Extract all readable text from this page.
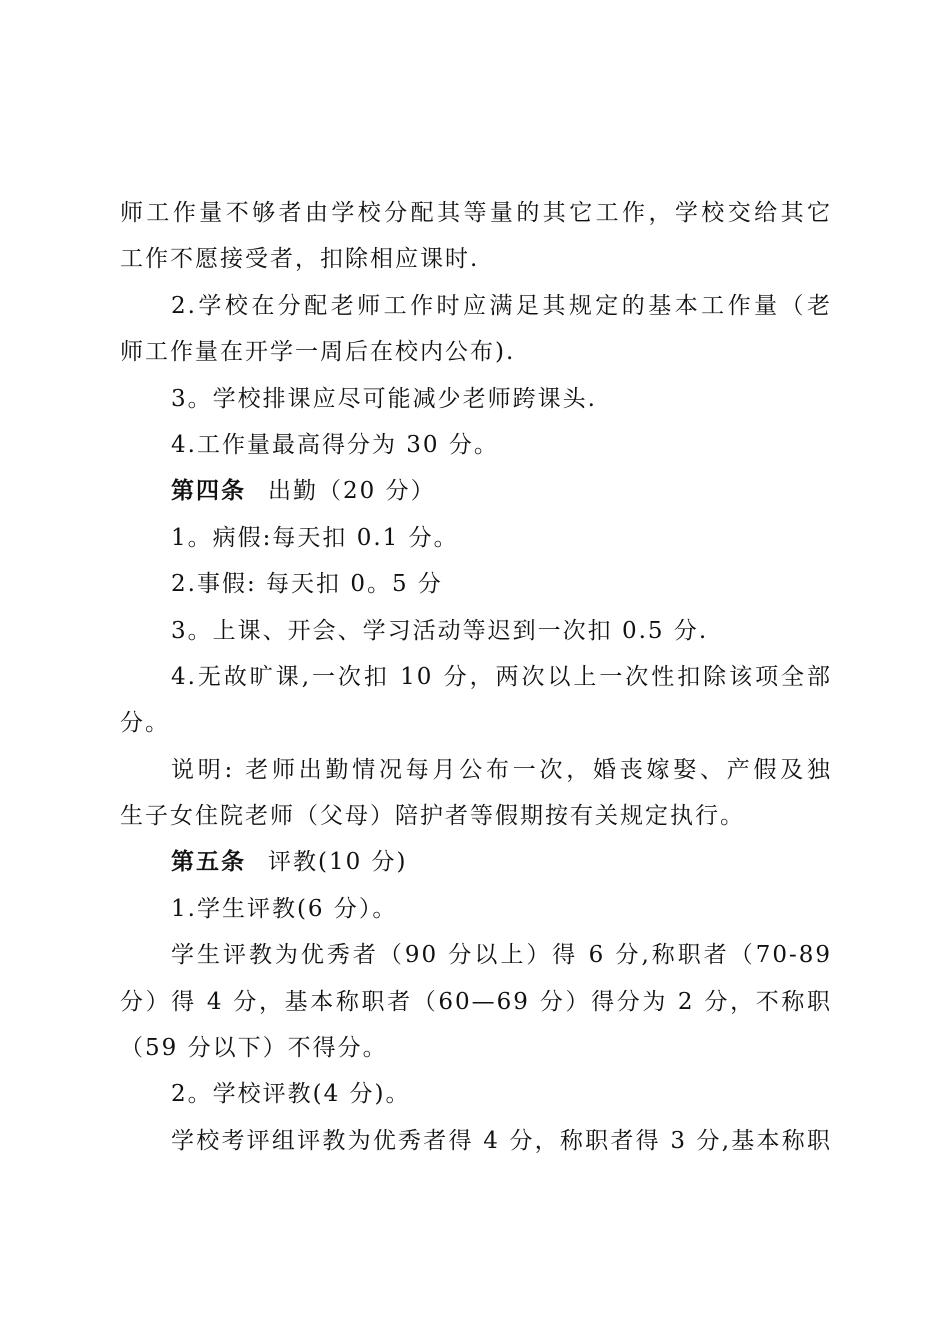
师工作量不够者由学校分配其等量的其它工作，学校交给其它
工作不愿接受者，扣除相应课时.
2.学校在分配老师工作时应满足其规定的基本工作量（老
师工作量在开学一周后在校内公布).
3。学校排课应尽可能减少老师跨课头.
4.工作量最高得分为 30 分。
第四条 出勤（20 分）
1。病假:每天扣 0.1 分。
2.事假: 每天扣 0。5 分
3。上课、开会、学习活动等迟到一次扣 0.5 分.
4.无故旷课,一次扣 10 分，两次以上一次性扣除该项全部
分。
说明: 老师出勤情况每月公布一次，婚丧嫁娶、产假及独
生子女住院老师（父母）陪护者等假期按有关规定执行。
第五条 评教(10 分)
1.学生评教(6 分）。
学生评教为优秀者（90 分以上）得 6 分,称职者（70-89
分）得 4 分，基本称职者（60—69 分）得分为 2 分，不称职
（59 分以下）不得分。
2。学校评教(4 分)。
学校考评组评教为优秀者得 4 分，称职者得 3 分,基本称职
